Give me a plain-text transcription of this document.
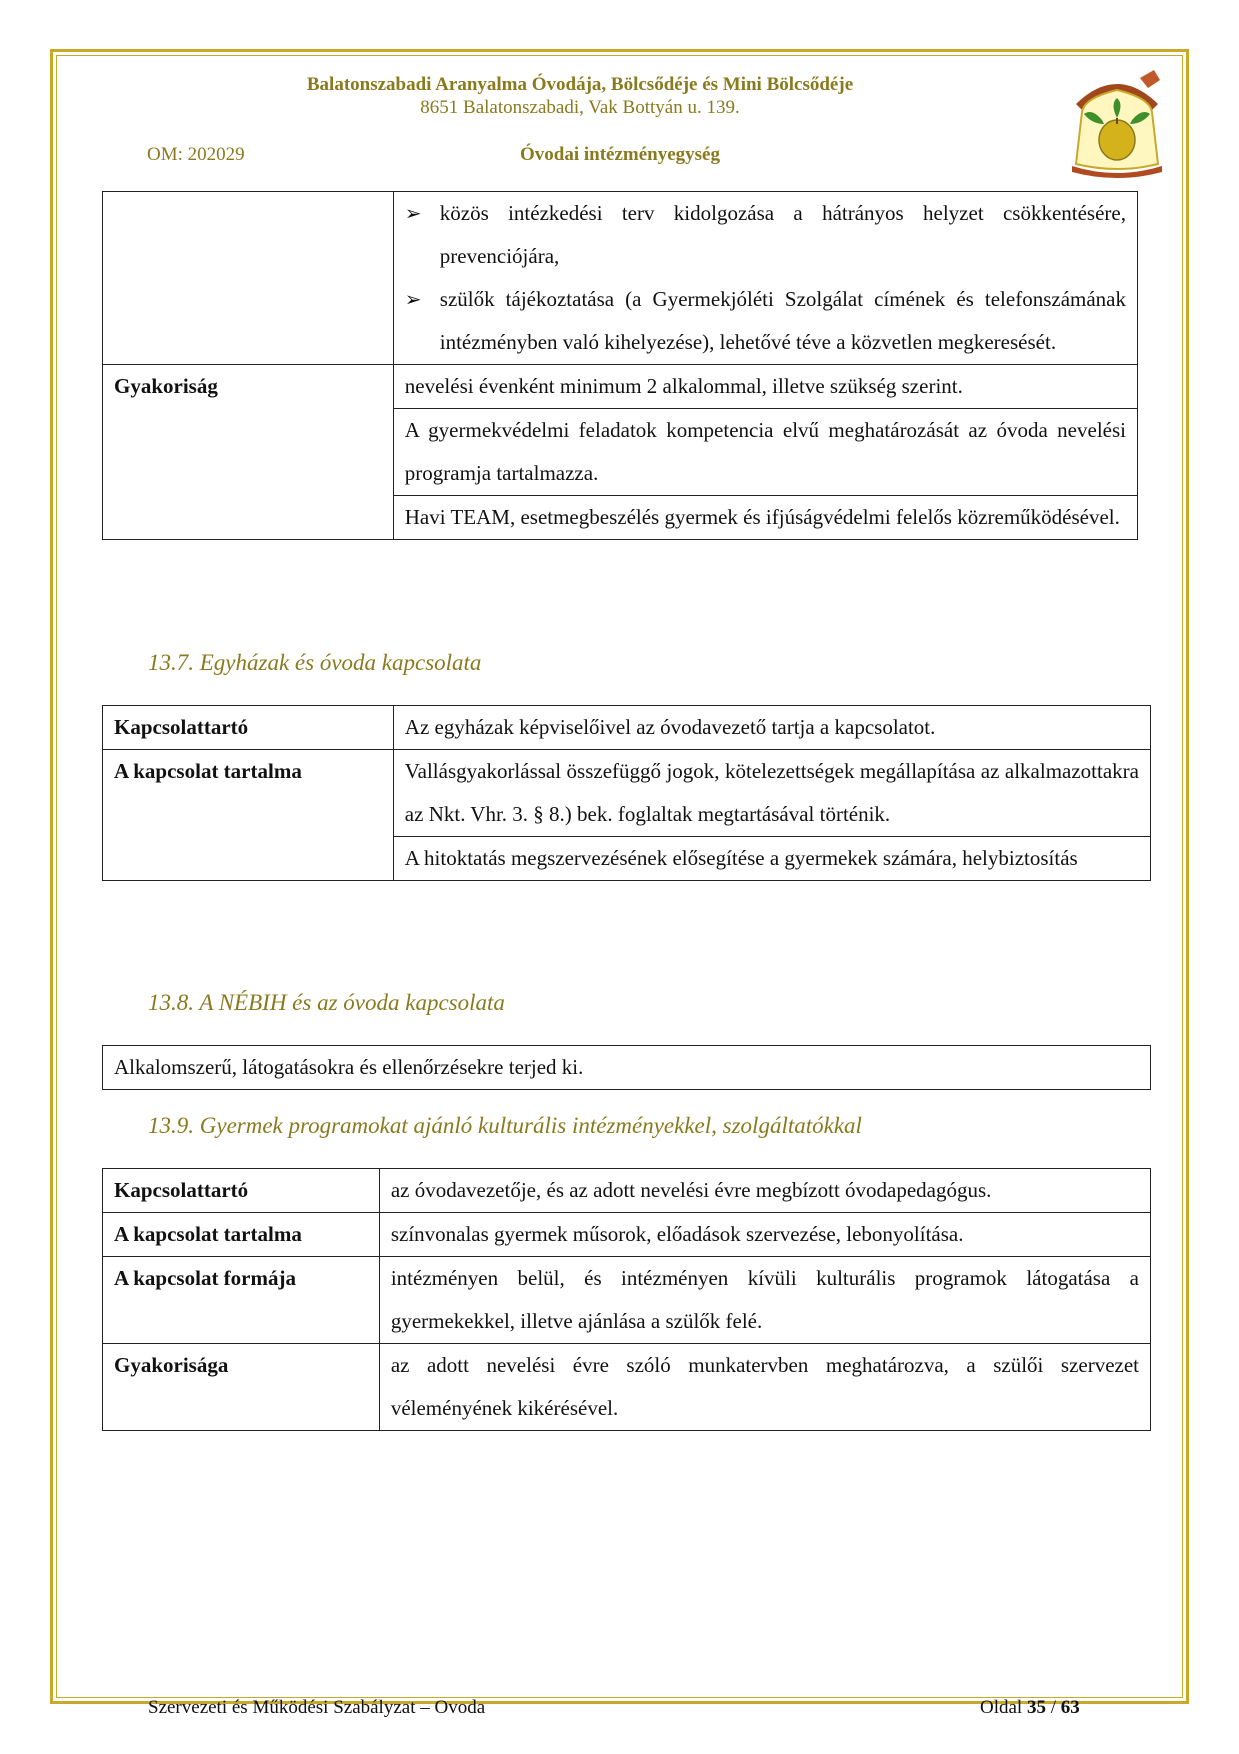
Balatonszabadi Aranyalma Óvodája, Bölcsődéje és Mini Bölcsődéje
8651 Balatonszabadi, Vak Bottyán u. 139.
OM: 202029	Óvodai intézményegység

	➢ közös intézkedési terv kidolgozása a hátrányos helyzet csökkentésére, prevenciójára,
➢ szülők tájékoztatása (a Gyermekjóléti Szolgálat címének és telefonszámának intézményben való kihelyezése), lehetővé téve a közvetlen megkeresését.

Gyakoriság	nevelési évenként minimum 2 alkalommal, illetve szükség szerint.
	A gyermekvédelmi feladatok kompetencia elvű meghatározását az óvoda nevelési programja tartalmazza.
	Havi TEAM, esetmegbeszélés gyermek és ifjúságvédelmi felelős közreműködésével.
13.7. Egyházak és óvoda kapcsolata
Kapcsolattartó	Az egyházak képviselőivel az óvodavezető tartja a kapcsolatot.
A kapcsolat tartalma	Vallásgyakorlással összefüggő jogok, kötelezettségek megállapítása az alkalmazottakra az Nkt. Vhr. 3. § 8.) bek. foglaltak megtartásával történik.
	A hitoktatás megszervezésének elősegítése a gyermekek számára, helybiztosítás
13.8. A NÉBIH és az óvoda kapcsolata
Alkalomszerű, látogatásokra és ellenőrzésekre terjed ki.
13.9. Gyermek programokat ajánló kulturális intézményekkel, szolgáltatókkal
Kapcsolattartó	az óvodavezetője, és az adott nevelési évre megbízott óvodapedagógus.
A kapcsolat tartalma	színvonalas gyermek műsorok, előadások szervezése, lebonyolítása.
A kapcsolat formája	intézményen belül, és intézményen kívüli kulturális programok látogatása a gyermekekkel, illetve ajánlása a szülők felé.
Gyakorisága	az adott nevelési évre szóló munkatervben meghatározva, a szülői szervezet véleményének kikérésével.
Szervezeti és Működési Szabályzat – Ovoda	Oldal 35 / 63
